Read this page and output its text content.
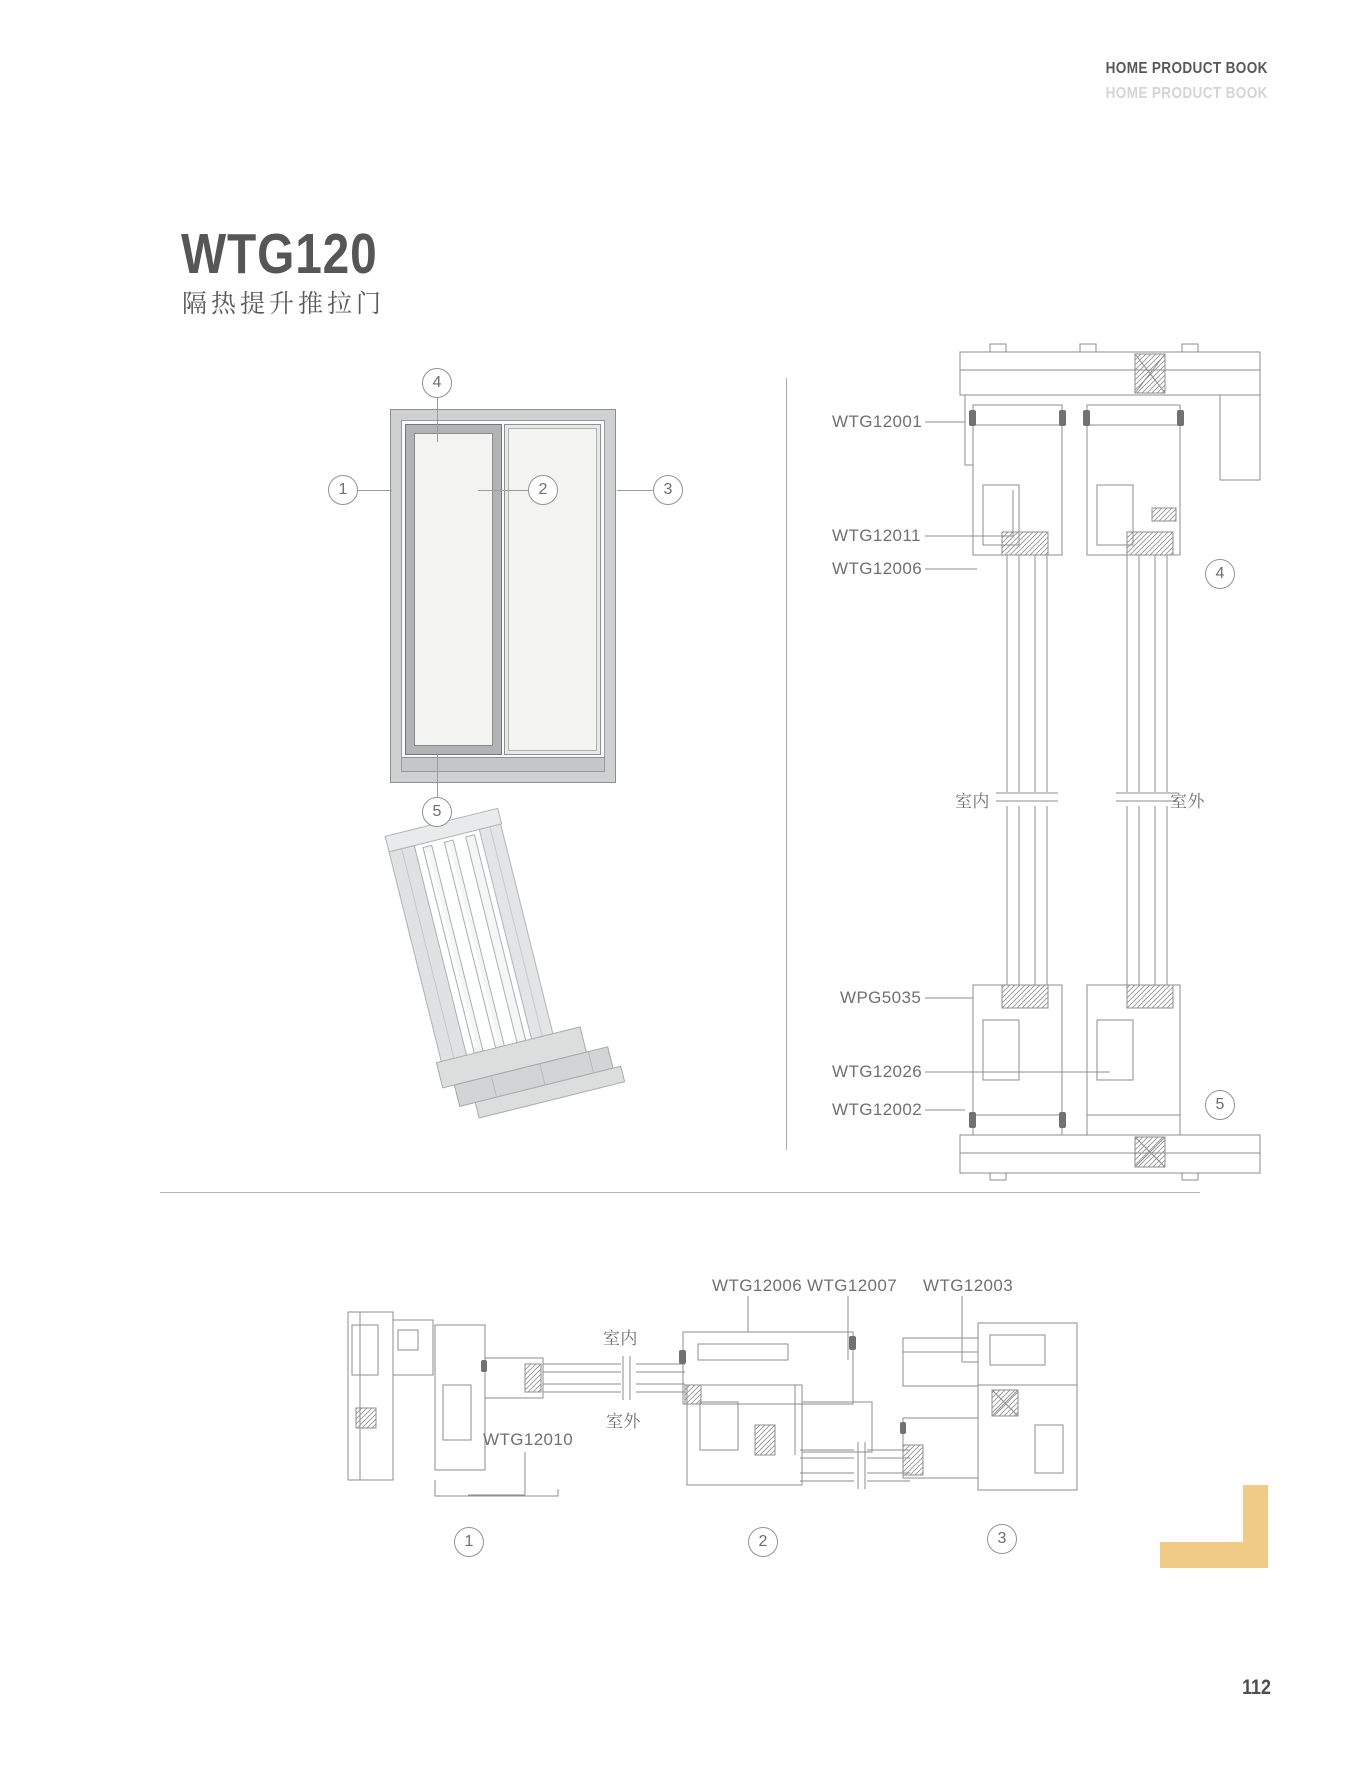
HOME PRODUCT BOOK
HOME PRODUCT BOOK
WTG120
隔热提升推拉门
1	2	3
4
5
WTG12001
WTG12011
WTG12006
WPG5035
WTG12026
WTG12002
室内	室外
4
5
WTG12006 WTG12007 WTG12003
WTG12010
室内
室外
1	2	3
112
